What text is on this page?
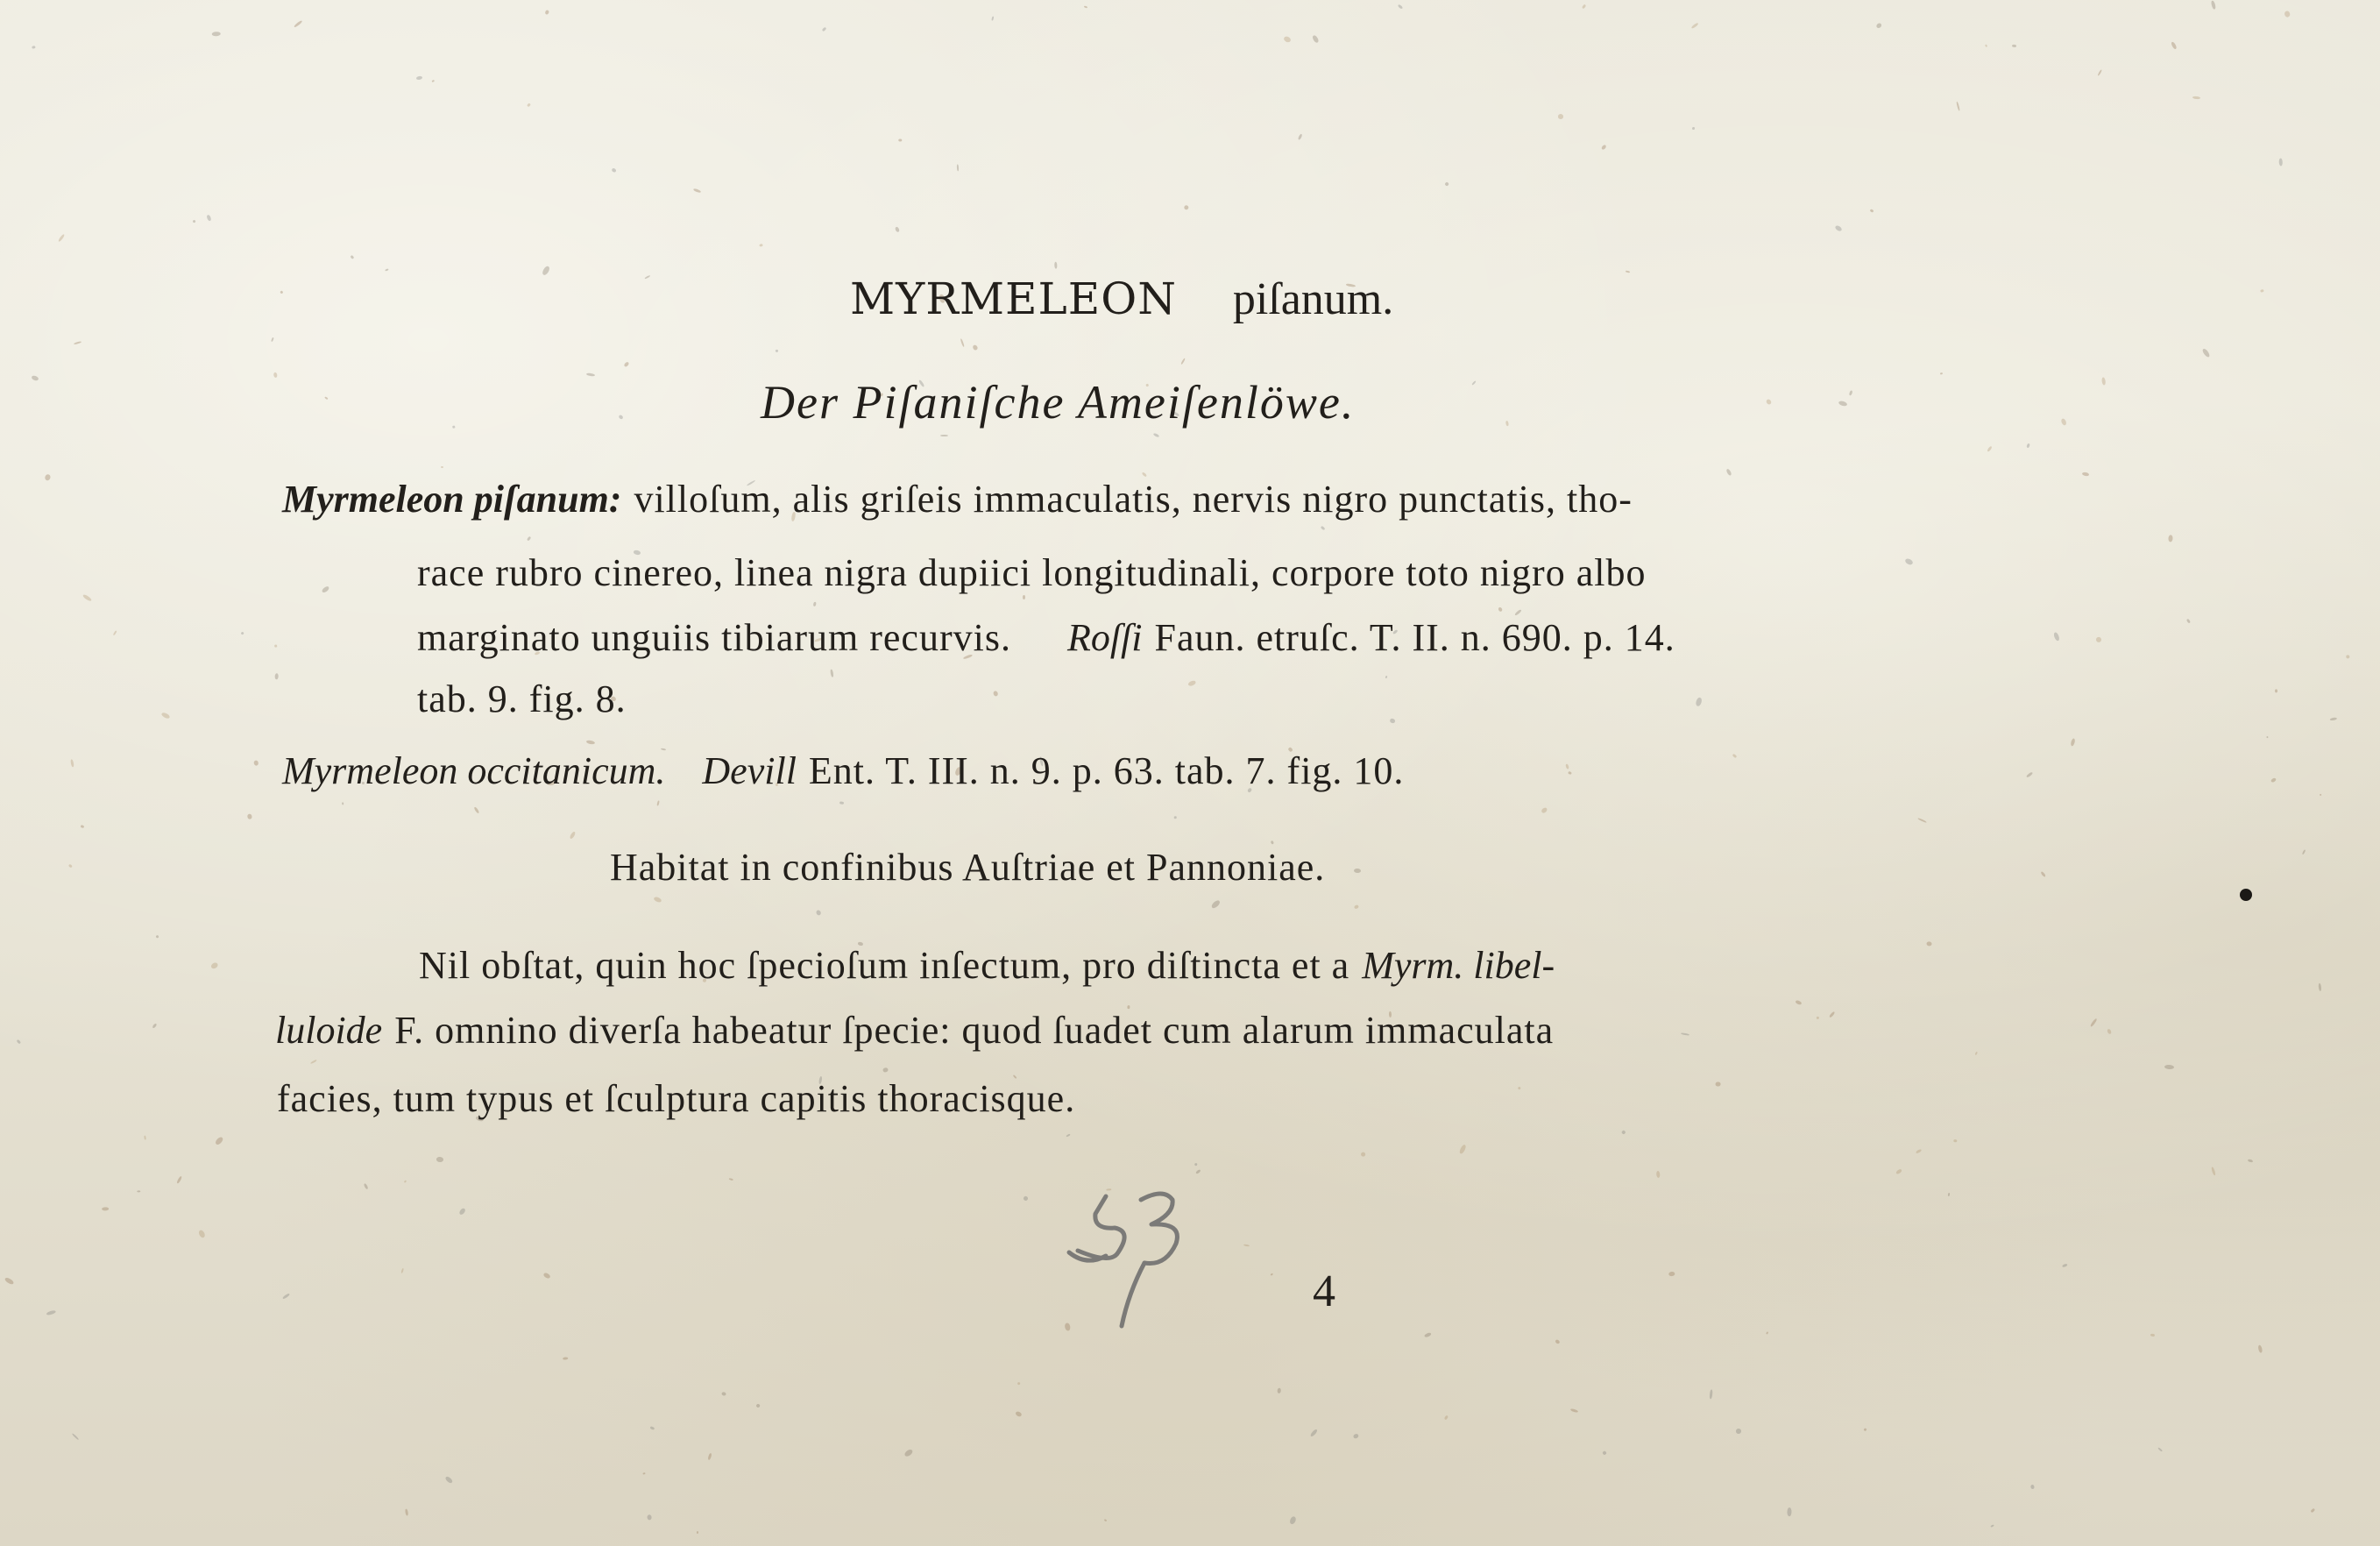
MYRMELEON piſanum.
Der Piſaniſche Ameiſenlöwe.
Myrmeleon piſanum: villoſum, alis griſeis immaculatis, nervis nigro punctatis, tho-
race rubro cinereo, linea nigra dupiici longitudinali, corpore toto nigro albo
marginato unguiis tibiarum recurvis. Roſſi Faun. etruſc. T. II. n. 690. p. 14.
tab. 9. fig. 8.
Myrmeleon occitanicum. Devill Ent. T. III. n. 9. p. 63. tab. 7. fig. 10.
Habitat in confinibus Auſtriae et Pannoniae.
Nil obſtat, quin hoc ſpecioſum inſectum, pro diſtincta et a Myrm. libel-
luloide F. omnino diverſa habeatur ſpecie: quod ſuadet cum alarum immaculata
facies, tum typus et ſculptura capitis thoracisque.
4
